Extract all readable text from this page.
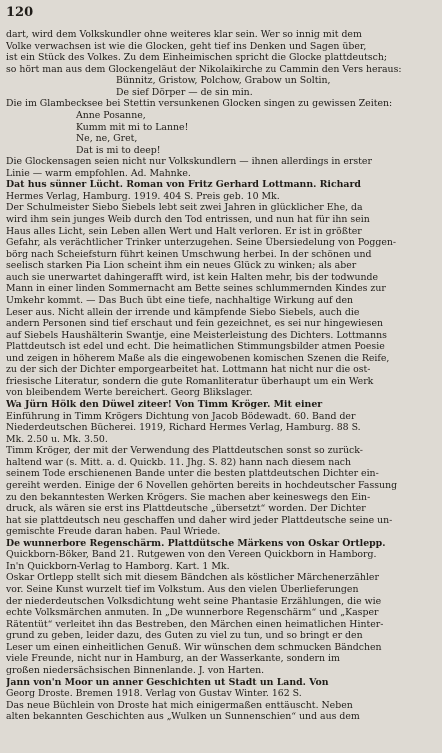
120
dart, wird dem Volkskundler ohne weiteres klar sein. Wer so innig mit dem
Volke verwachsen ist wie die Glocken, geht tief ins Denken und Sagen über,
ist ein Stück des Volkes. Zu dem Einheimischen spricht die Glocke plattdeutsch;
so hört man aus dem Glockengeläut der Nikolaikirche zu Cammin den Vers heraus:
Bünnitz, Gristow, Polchow, Grabow un Soltin,
De sief Dörper — de sin min.
Die im Glambecksee bei Stettin versunkenen Glocken singen zu gewissen Zeiten:
Anne Posanne,
Kumm mit mi to Lanne!
Ne, ne, Gret,
Dat is mi to deep!
Die Glockensagen seien nicht nur Volkskundlern — ihnen allerdings in erster
Linie — warm empfohlen. Ad. Mahnke.
Dat hus sünner Lücht. Roman von Fritz Gerhard Lottmann. Richard
Hermes Verlag, Hamburg. 1919. 404 S. Preis geb. 10 Mk.
Der Schulmeister Siebo Siebels lebt seit zwei Jahren in glücklicher Ehe, da
wird ihm sein junges Weib durch den Tod entrissen, und nun hat für ihn sein
Haus alles Licht, sein Leben allen Wert und Halt verloren. Er ist in größter
Gefahr, als verächtlicher Trinker unterzugehen. Seine Übersiedelung von Poggen-
börg nach Scheiefsturn führt keinen Umschwung herbei. In der schönen und
seelisch starken Pia Lion scheint ihm ein neues Glück zu winken; als aber
auch sie unerwartet dahingerafft wird, ist kein Halten mehr, bis der todwunde
Mann in einer linden Sommernacht am Bette seines schlummernden Kindes zur
Umkehr kommt. — Das Buch übt eine tiefe, nachhaltige Wirkung auf den
Leser aus. Nicht allein der irrende und kämpfende Siebo Siebels, auch die
andern Personen sind tief erschaut und fein gezeichnet, es sei nur hingewiesen
auf Siebels Haushälterin Swantje, eine Meisterleistung des Dichters. Lottmanns
Plattdeutsch ist edel und echt. Die heimatlichen Stimmungsbilder atmen Poesie
und zeigen in höherem Maße als die eingewobenen komischen Szenen die Reife,
zu der sich der Dichter emporgearbeitet hat. Lottmann hat nicht nur die ost-
friesische Literatur, sondern die gute Romanliteratur überhaupt um ein Werk
von bleibendem Werte bereichert. Georg Blikslager.
Wa Jürn Hölk den Düwel ziteer! Von Timm Kröger. Mit einer
Einführung in Timm Krögers Dichtung von Jacob Bödewadt. 60. Band der
Niederdeutschen Bücherei. 1919, Richard Hermes Verlag, Hamburg. 88 S.
Mk. 2.50 u. Mk. 3.50.
Timm Kröger, der mit der Verwendung des Plattdeutschen sonst so zurück-
haltend war (s. Mitt. a. d. Quickb. 11. Jhg. S. 82) hann nach diesem nach
seinem Tode erschienenen Bande unter die besten plattdeutschen Dichter ein-
gereiht werden. Einige der 6 Novellen gehörten bereits in hochdeutscher Fassung
zu den bekanntesten Werken Krögers. Sie machen aber keineswegs den Ein-
druck, als wären sie erst ins Plattdeutsche „übersetzt“ worden. Der Dichter
hat sie plattdeutsch neu geschaffen und daher wird jeder Plattdeutsche seine un-
gemischte Freude daran haben. Paul Wriede.
De wunnerbore Regenschärm. Plattdütsche Märkens von Oskar Ortlepp.
Quickborn-Böker, Band 21. Rutgewen von den Vereen Quickborn in Hamborg.
In'n Quickborn-Verlag to Hamborg. Kart. 1 Mk.
Oskar Ortlepp stellt sich mit diesem Bändchen als köstlicher Märchenerzähler
vor. Seine Kunst wurzelt tief im Volkstum. Aus den vielen Überlieferungen
der niederdeutschen Volksdichtung weht seine Phantasie Erzählungen, die wie
echte Volksmärchen anmuten. In „De wunnerbore Regenschärm“ und „Kasper
Rätentüt“ verleitet ihn das Bestreben, den Märchen einen heimatlichen Hinter-
grund zu geben, leider dazu, des Guten zu viel zu tun, und so bringt er den
Leser um einen einheitlichen Genuß. Wir wünschen dem schmucken Bändchen
viele Freunde, nicht nur in Hamburg, an der Wasserkante, sondern im
großen niedersächsischen Binnenlande. J. von Harten.
Jann von'n Moor un anner Geschichten ut Stadt un Land. Von
Georg Droste. Bremen 1918. Verlag von Gustav Winter. 162 S.
Das neue Büchlein von Droste hat mich einigermaßen enttäuscht. Neben
alten bekannten Geschichten aus „Wulken un Sunnenschien“ und aus dem
